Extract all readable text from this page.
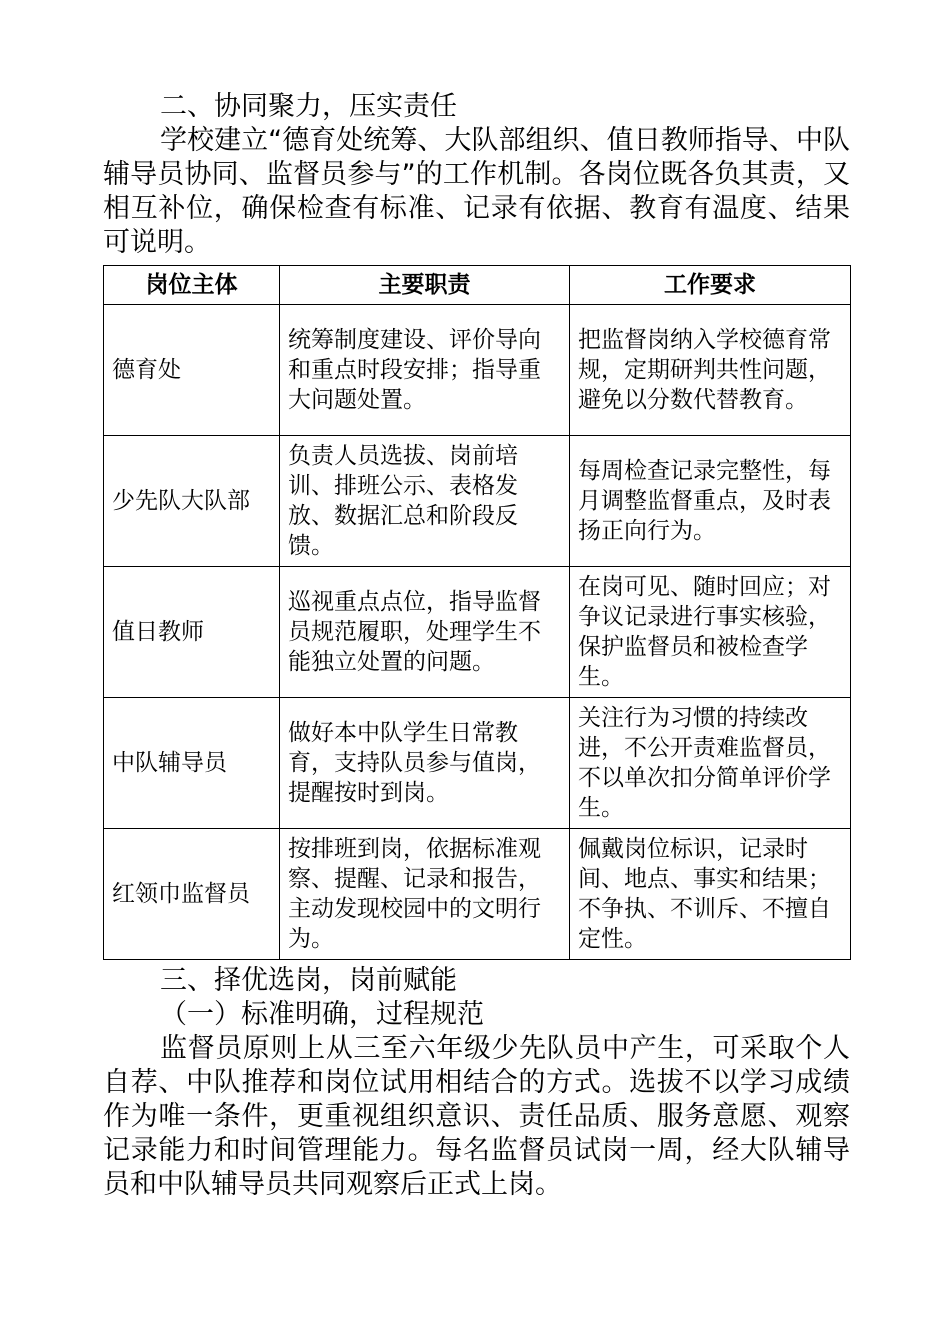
二、协同聚力，压实责任

学校建立“德育处统筹、大队部组织、值日教师指导、中队辅导员协同、监督员参与”的工作机制。各岗位既各负其责，又相互补位，确保检查有标准、记录有依据、教育有温度、结果可说明。

岗位主体	主要职责	工作要求
德育处	统筹制度建设、评价导向和重点时段安排；指导重大问题处置。	把监督岗纳入学校德育常规，定期研判共性问题，避免以分数代替教育。
少先队大队部	负责人员选拔、岗前培训、排班公示、表格发放、数据汇总和阶段反馈。	每周检查记录完整性，每月调整监督重点，及时表扬正向行为。
值日教师	巡视重点点位，指导监督员规范履职，处理学生不能独立处置的问题。	在岗可见、随时回应；对争议记录进行事实核验，保护监督员和被检查学生。
中队辅导员	做好本中队学生日常教育，支持队员参与值岗，提醒按时到岗。	关注行为习惯的持续改进，不公开责难监督员，不以单次扣分简单评价学生。
红领巾监督员	按排班到岗，依据标准观察、提醒、记录和报告，主动发现校园中的文明行为。	佩戴岗位标识，记录时间、地点、事实和结果；不争执、不训斥、不擅自定性。

三、择优选岗，岗前赋能

（一）标准明确，过程规范

监督员原则上从三至六年级少先队员中产生，可采取个人自荐、中队推荐和岗位试用相结合的方式。选拔不以学习成绩作为唯一条件，更重视组织意识、责任品质、服务意愿、观察记录能力和时间管理能力。每名监督员试岗一周，经大队辅导员和中队辅导员共同观察后正式上岗。
